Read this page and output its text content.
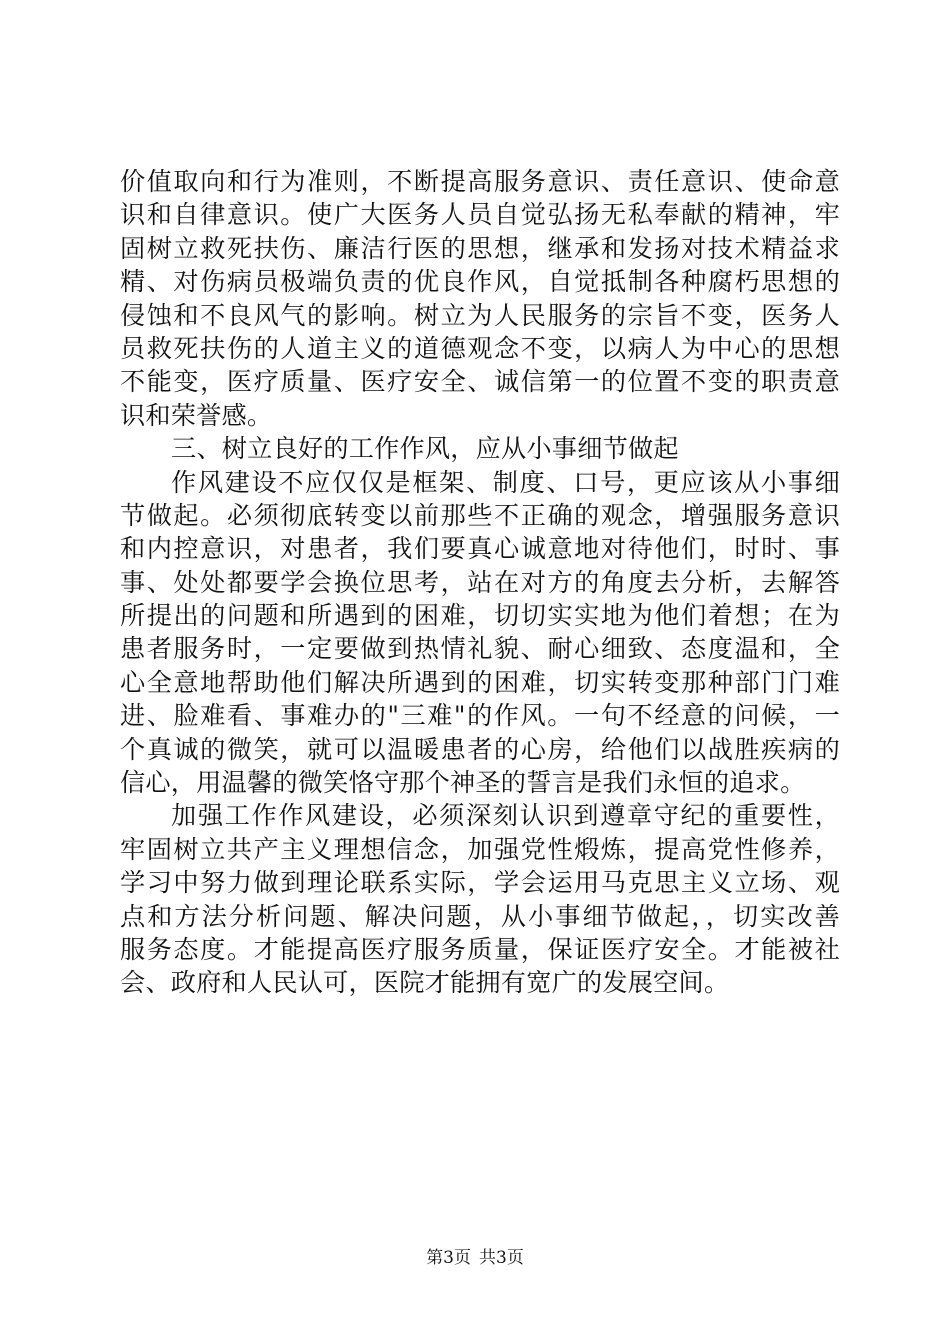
价值取向和行为准则，不断提高服务意识、责任意识、使命意
识和自律意识。使广大医务人员自觉弘扬无私奉献的精神，牢
固树立救死扶伤、廉洁行医的思想，继承和发扬对技术精益求
精、对伤病员极端负责的优良作风，自觉抵制各种腐朽思想的
侵蚀和不良风气的影响。树立为人民服务的宗旨不变，医务人
员救死扶伤的人道主义的道德观念不变，以病人为中心的思想
不能变，医疗质量、医疗安全、诚信第一的位置不变的职责意
识和荣誉感。
三、树立良好的工作作风，应从小事细节做起
作风建设不应仅仅是框架、制度、口号，更应该从小事细
节做起。必须彻底转变以前那些不正确的观念，增强服务意识
和内控意识，对患者，我们要真心诚意地对待他们，时时、事
事、处处都要学会换位思考，站在对方的角度去分析，去解答
所提出的问题和所遇到的困难，切切实实地为他们着想；在为
患者服务时，一定要做到热情礼貌、耐心细致、态度温和，全
心全意地帮助他们解决所遇到的困难，切实转变那种部门门难
进、脸难看、事难办的"三难"的作风。一句不经意的问候，一
个真诚的微笑，就可以温暖患者的心房，给他们以战胜疾病的
信心，用温馨的微笑恪守那个神圣的誓言是我们永恒的追求。
加强工作作风建设，必须深刻认识到遵章守纪的重要性，
牢固树立共产主义理想信念，加强党性煅炼，提高党性修养，
学习中努力做到理论联系实际，学会运用马克思主义立场、观
点和方法分析问题、解决问题，从小事细节做起，，切实改善
服务态度。才能提高医疗服务质量，保证医疗安全。才能被社
会、政府和人民认可，医院才能拥有宽广的发展空间。
第3页 共3页
